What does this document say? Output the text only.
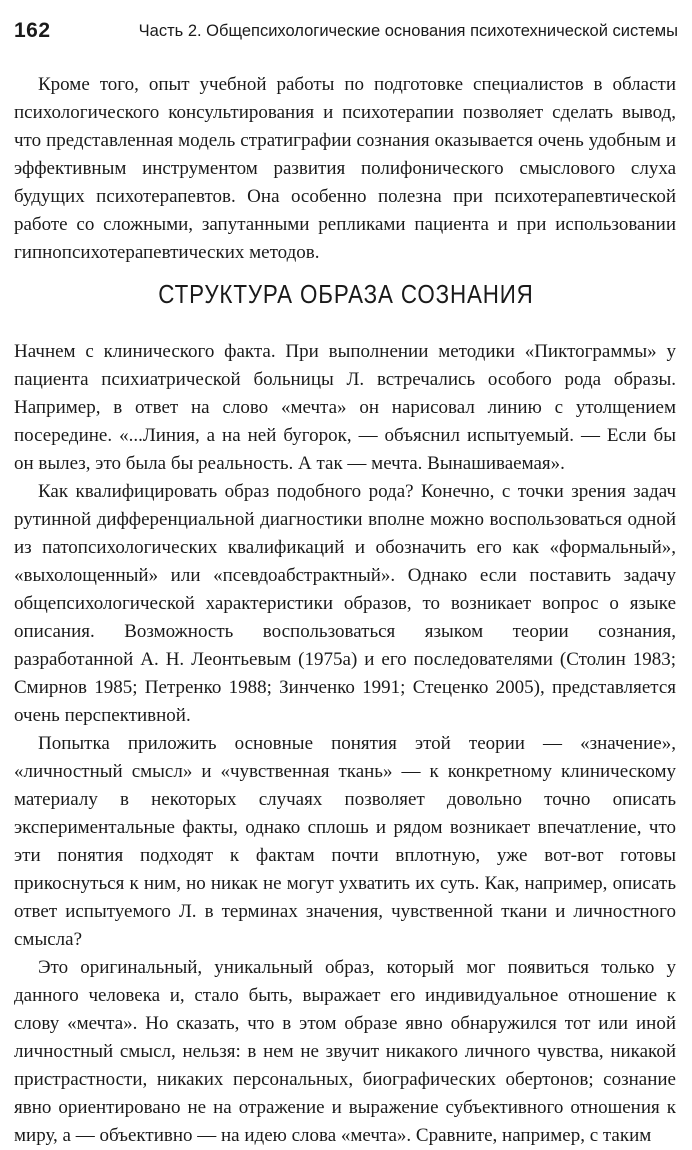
162	Часть 2. Общепсихологические основания психотехнической системы

Кроме того, опыт учебной работы по подготовке специалистов в области психологического консультирования и психотерапии позволяет сделать вывод, что представленная модель стратиграфии сознания оказывается очень удобным и эффективным инструментом развития полифонического смыслового слуха будущих психотерапевтов. Она особенно полезна при психотерапевтической работе со сложными, запутанными репликами пациента и при использовании гипнопсихотерапевтических методов.

СТРУКТУРА ОБРАЗА СОЗНАНИЯ

Начнем с клинического факта. При выполнении методики «Пиктограммы» у пациента психиатрической больницы Л. встречались особого рода образы. Например, в ответ на слово «мечта» он нарисовал линию с утолщением посередине. «...Линия, а на ней бугорок, — объяснил испытуемый. — Если бы он вылез, это была бы реальность. А так — мечта. Вынашиваемая».

Как квалифицировать образ подобного рода? Конечно, с точки зрения задач рутинной дифференциальной диагностики вполне можно воспользоваться одной из патопсихологических квалификаций и обозначить его как «формальный», «выхолощенный» или «псевдоабстрактный». Однако если поставить задачу общепсихологической характеристики образов, то возникает вопрос о языке описания. Возможность воспользоваться языком теории сознания, разработанной А. Н. Леонтьевым (1975а) и его последователями (Столин 1983; Смирнов 1985; Петренко 1988; Зинченко 1991; Стеценко 2005), представляется очень перспективной.

Попытка приложить основные понятия этой теории — «значение», «личностный смысл» и «чувственная ткань» — к конкретному клиническому материалу в некоторых случаях позволяет довольно точно описать экспериментальные факты, однако сплошь и рядом возникает впечатление, что эти понятия подходят к фактам почти вплотную, уже вот-вот готовы прикоснуться к ним, но никак не могут ухватить их суть. Как, например, описать ответ испытуемого Л. в терминах значения, чувственной ткани и личностного смысла?

Это оригинальный, уникальный образ, который мог появиться только у данного человека и, стало быть, выражает его индивидуальное отношение к слову «мечта». Но сказать, что в этом образе явно обнаружился тот или иной личностный смысл, нельзя: в нем не звучит никакого личного чувства, никакой пристрастности, никаких персональных, биографических обертонов; сознание явно ориентировано не на отражение и выражение субъективного отношения к миру, а — объективно — на идею слова «мечта». Сравните, например, с таким
